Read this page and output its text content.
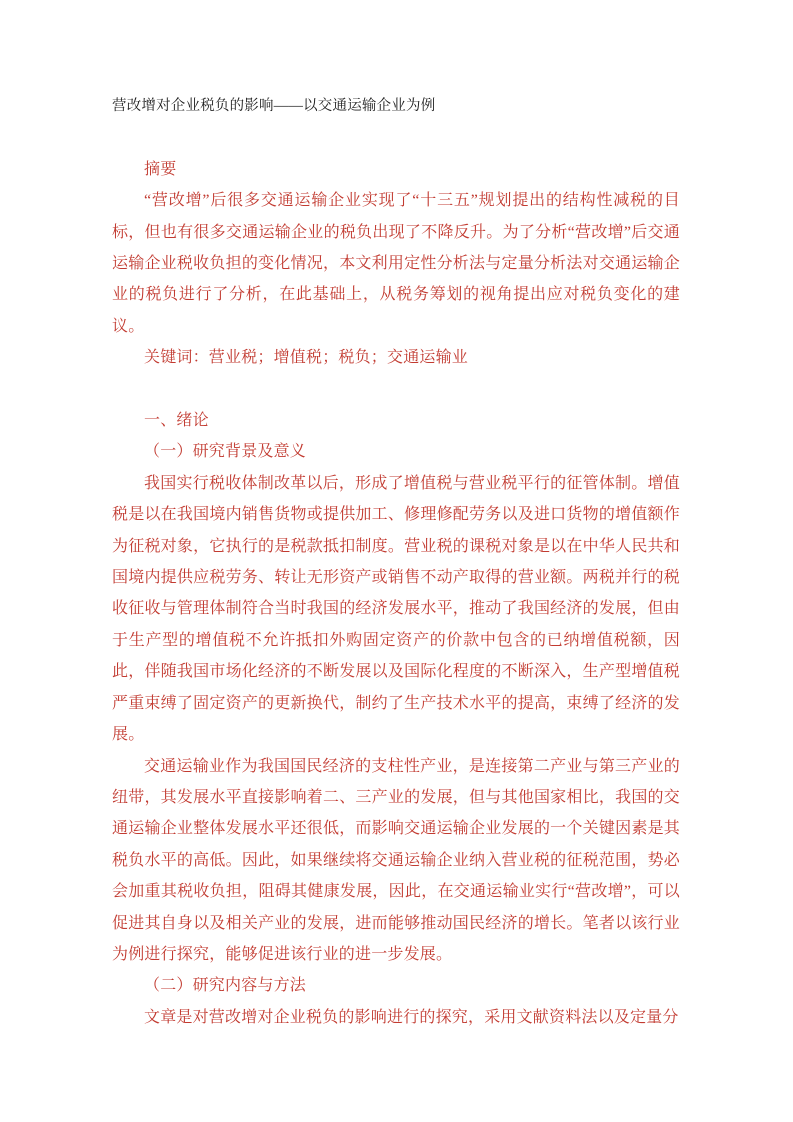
营改增对企业税负的影响——以交通运输企业为例

摘要

“营改增”后很多交通运输企业实现了“十三五”规划提出的结构性减税的目标，但也有很多交通运输企业的税负出现了不降反升。为了分析“营改增”后交通运输企业税收负担的变化情况，本文利用定性分析法与定量分析法对交通运输企业的税负进行了分析，在此基础上，从税务筹划的视角提出应对税负变化的建议。

关键词：营业税；增值税；税负；交通运输业

一、绪论

（一）研究背景及意义

我国实行税收体制改革以后，形成了增值税与营业税平行的征管体制。增值税是以在我国境内销售货物或提供加工、修理修配劳务以及进口货物的增值额作为征税对象，它执行的是税款抵扣制度。营业税的课税对象是以在中华人民共和国境内提供应税劳务、转让无形资产或销售不动产取得的营业额。两税并行的税收征收与管理体制符合当时我国的经济发展水平，推动了我国经济的发展，但由于生产型的增值税不允许抵扣外购固定资产的价款中包含的已纳增值税额，因此，伴随我国市场化经济的不断发展以及国际化程度的不断深入，生产型增值税严重束缚了固定资产的更新换代，制约了生产技术水平的提高，束缚了经济的发展。

交通运输业作为我国国民经济的支柱性产业，是连接第二产业与第三产业的纽带，其发展水平直接影响着二、三产业的发展，但与其他国家相比，我国的交通运输企业整体发展水平还很低，而影响交通运输企业发展的一个关键因素是其税负水平的高低。因此，如果继续将交通运输企业纳入营业税的征税范围，势必会加重其税收负担，阻碍其健康发展，因此，在交通运输业实行“营改增”，可以促进其自身以及相关产业的发展，进而能够推动国民经济的增长。笔者以该行业为例进行探究，能够促进该行业的进一步发展。

（二）研究内容与方法

文章是对营改增对企业税负的影响进行的探究，采用文献资料法以及定量分
